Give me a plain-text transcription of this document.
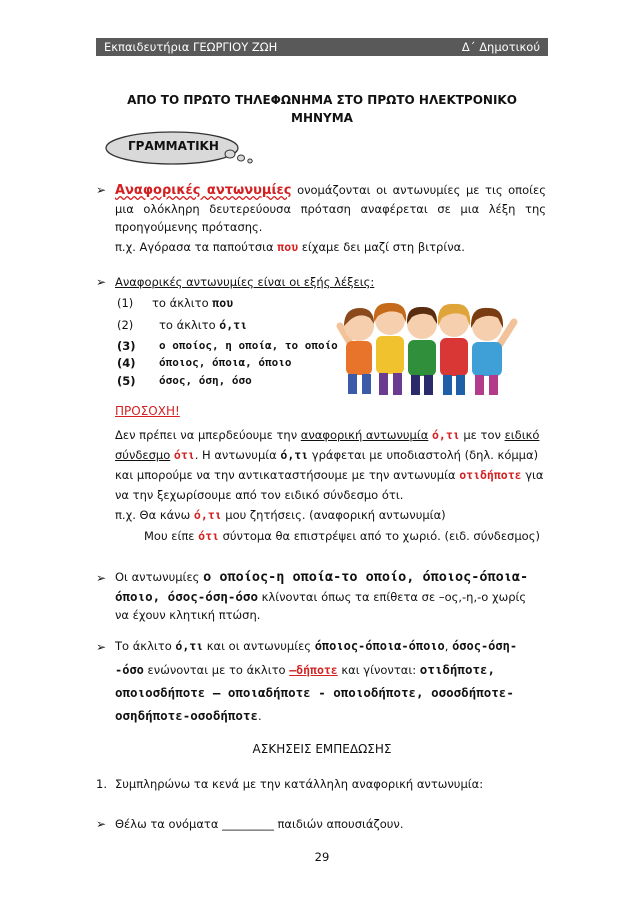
Εκπαιδευτήρια ΓΕΩΡΓΙΟΥ ΖΩΗ	Δ΄ Δημοτικού
ΑΠΟ ΤΟ ΠΡΩΤΟ ΤΗΛΕΦΩΝΗΜΑ ΣΤΟ ΠΡΩΤΟ ΗΛΕΚΤΡΟΝΙΚΟ
ΜΗΝΥΜΑ
ΓΡΑΜΜΑΤΙΚΗ
➢ Αναφορικές αντωνυμίες ονομάζονται οι αντωνυμίες με τις οποίες μια ολόκληρη δευτερεύουσα πρόταση αναφέρεται σε μια λέξη της προηγούμενης πρότασης.
π.χ. Αγόρασα τα παπούτσια που είχαμε δει μαζί στη βιτρίνα.
➢ Αναφορικές αντωνυμίες είναι οι εξής λέξεις:
(1) το άκλιτο που
(2) το άκλιτο ό,τι
(3) ο οποίος, η οποία, το οποίο
(4) όποιος, όποια, όποιο
(5) όσος, όση, όσο
ΠΡΟΣΟΧΗ!
Δεν πρέπει να μπερδεύουμε την αναφορική αντωνυμία ό,τι με τον ειδικό
σύνδεσμο ότι. Η αντωνυμία ό,τι γράφεται με υποδιαστολή (δηλ. κόμμα)
και μπορούμε να την αντικαταστήσουμε με την αντωνυμία οτιδήποτε για
να την ξεχωρίσουμε από τον ειδικό σύνδεσμο ότι.
π.χ. Θα κάνω ό,τι μου ζητήσεις. (αναφορική αντωνυμία)
Μου είπε ότι σύντομα θα επιστρέψει από το χωριό. (ειδ. σύνδεσμος)
➢ Οι αντωνυμίες ο οποίος-η οποία-το οποίο, όποιος-όποια-
όποιο, όσος-όση-όσο κλίνονται όπως τα επίθετα σε –ος,-η,-ο χωρίς
να έχουν κλητική πτώση.
➢ Το άκλιτο ό,τι και οι αντωνυμίες όποιος-όποια-όποιο, όσος-όση-
-όσο ενώνονται με το άκλιτο –δήποτε και γίνονται: οτιδήποτε,
οποιοσδήποτε – οποιαδήποτε - οποιοδήποτε, οσοσδήποτε-
οσηδήποτε-οσοδήποτε.
ΑΣΚΗΣΕΙΣ ΕΜΠΕΔΩΣΗΣ
1. Συμπληρώνω τα κενά με την κατάλληλη αναφορική αντωνυμία:
➢ Θέλω τα ονόματα _________ παιδιών απουσιάζουν.
29
